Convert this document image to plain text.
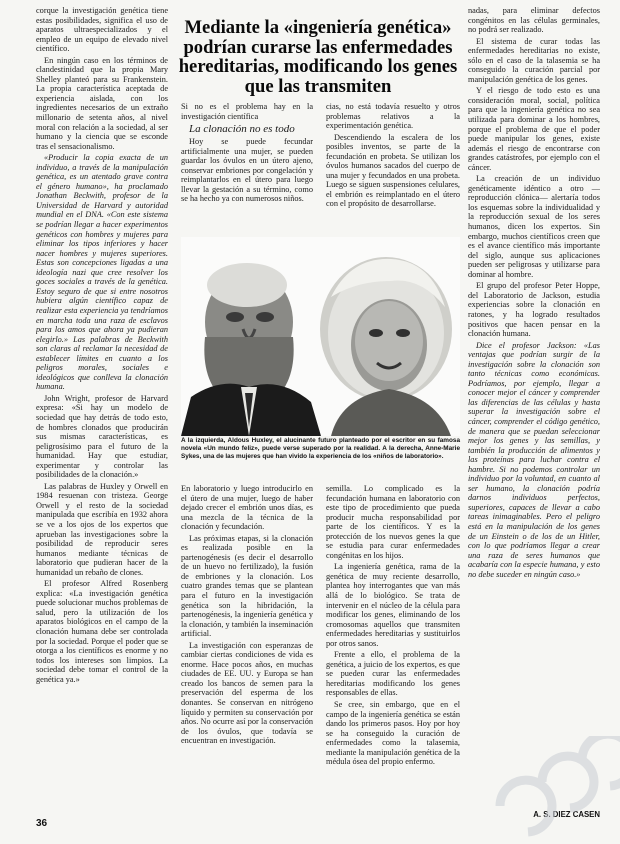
corque la investigación genética tiene estas posibilidades, significa el uso de aparatos ultraespecializados y el empleo de un equipo de elevado nivel científico.

En ningún caso en los términos de clandestinidad que la propia Mary Shelley planteó para su Frankenstein. La propia característica aceptada de experiencia aislada, con los ingredientes necesarios de un extraño millonario de setenta años, al nivel moral con relación a la sociedad, al ser humano y la ciencia que se esconde tras el sensacionalismo.

«Producir la copia exacta de un individuo, a través de la manipulación genética, es un atentado grave contra el género humano», ha proclamado Jonathan Beckwith, profesor de la Universidad de Harvard y autoridad mundial en el DNA. «Con este sistema se podrían llegar a hacer experimentos genéticos con hombres y mujeres para eliminar los tipos inferiores y hacer nacer hombres y mujeres superiores. Estas son concepciones ligadas a una ideología nazi que cree resolver los goces sociales a través de la genética. Estoy seguro de que si entre nosotros hubiera algún científico capaz de realizar esta experiencia ya tendríamos en marcha toda una raza de esclavos para los amos que ahora ya pudieran elegirlo.» Las palabras de Beckwith son claras al reclamar la necesidad de establecer límites en cuanto a los peligros morales, sociales e ideológicos que conlleva la clonación humana.

John Wright, profesor de Harvard expresa: «Si hay un modelo de sociedad que hay detrás de todo esto, de hombres clonados que producirán sus mismas características, es peligrosísimo para el futuro de la humanidad. Hay que estudiar, experimentar y controlar las posibilidades de la clonación.»

Las palabras de Huxley y Orwell en 1984 resuenan con tristeza. George Orwell y el resto de la sociedad manipulada que escribía en 1932 ahora se ve a los ojos de los expertos que aprueban las investigaciones sobre la posibilidad de reproducir seres humanos mediante técnicas de laboratorio que pudieran hacer de la humanidad un rebaño de clones.

El profesor Alfred Rosenberg explica: «La investigación genética puede solucionar muchos problemas de salud, pero la utilización de los aparatos biológicos en el campo de la clonación humana debe ser controlada por la sociedad. Porque el poder que se otorga a los científicos es enorme y no todos los intereses son limpios. La sociedad debe tomar el control de la genética ya.»

Mediante la «ingeniería genética» podrían curarse las enfermedades hereditarias, modificando los genes que las transmiten

Si no es el problema hay en la investigación científica

La clonación no es todo

Hoy se puede fecundar artificialmente una mujer, se pueden guardar los óvulos en un útero ajeno, conservar embriones por congelación y reimplantarlos en el útero para luego llevar la gestación a su término, como se ha hecho ya con numerosos niños.

cias, no está todavía resuelto y otros problemas relativos a la experimentación genética.

Descendiendo la escalera de los posibles inventos, se parte de la fecundación en probeta. Se utilizan los óvulos humanos sacados del cuerpo de una mujer y fecundados en una probeta. Luego se siguen suspensiones celulares, el embrión es reimplantado en el útero con el propósito de desarrollarse.

A la izquierda, Aldous Huxley, el alucinante futuro planteado por el escritor en su famosa novela «Un mundo feliz», puede verse superado por la realidad. A la derecha, Anne-Marie Sykes, una de las mujeres que han vivido la experiencia de los «niños de laboratorio».

En laboratorio y luego introducirlo en el útero de una mujer, luego de haber dejado crecer el embrión unos días, es una mezcla de la técnica de la clonación y fecundación.

Las próximas etapas, si la clonación es realizada posible en la partenogénesis (es decir el desarrollo de un huevo no fertilizado), la fusión de embriones y la clonación. Los cuatro grandes temas que se plantean para el futuro en la investigación genética son la hibridación, la partenogénesis, la ingeniería genética y la clonación, y también la inseminación artificial.

La investigación con esperanzas de cambiar ciertas condiciones de vida es enorme. Hace pocos años, en muchas ciudades de EE. UU. y Europa se han creado los bancos de semen para la preservación del esperma de los donantes. Se conservan en nitrógeno líquido y permiten su conservación por años. No ocurre así por la conservación de los óvulos, que todavía se encuentran en investigación.

semilla. Lo complicado es la fecundación humana en laboratorio con este tipo de procedimiento que pueda producir mucha responsabilidad por parte de los científicos. Y es la protección de los nuevos genes la que se estudia para curar enfermedades congénitas en los hijos.

La ingeniería genética, rama de la genética de muy reciente desarrollo, plantea hoy interrogantes que van más allá de lo biológico. Se trata de intervenir en el núcleo de la célula para modificar los genes, eliminando de los cromosomas aquellos que transmiten enfermedades hereditarias y sustituirlos por otros sanos.

Frente a ello, el problema de la genética, a juicio de los expertos, es que se pueden curar las enfermedades hereditarias modificando los genes responsables de ellas.

Se cree, sin embargo, que en el campo de la ingeniería genética se están dando los primeros pasos. Hoy por hoy se ha conseguido la curación de enfermedades como la talasemia, mediante la manipulación genética de la médula ósea del propio enfermo.

nadas, para eliminar defectos congénitos en las células germinales, no podrá ser realizado.

El sistema de curar todas las enfermedades hereditarias no existe, sólo en el caso de la talasemia se ha conseguido la curación parcial por manipulación genética de los genes.

Y el riesgo de todo esto es una consideración moral, social, política para que la ingeniería genética no sea utilizada para dominar a los hombres, porque el problema de que el poder puede manipular los genes, existe además el riesgo de encontrarse con grandes catástrofes, por ejemplo con el cáncer.

La creación de un individuo genéticamente idéntico a otro —reproducción clónica— alertaría todos los esquemas sobre la individualidad y la reproducción sexual de los seres humanos, dicen los expertos. Sin embargo, muchos científicos creen que es el avance científico más importante del siglo, aunque sus aplicaciones pueden ser peligrosas y utilizarse para dominar al hombre.

El grupo del profesor Peter Hoppe, del Laboratorio de Jackson, estudia experiencias sobre la clonación en ratones, y ha logrado resultados positivos que hacen pensar en la clonación humana.

Dice el profesor Jackson: «Las ventajas que podrían surgir de la investigación sobre la clonación son tanto técnicas como económicas. Podríamos, por ejemplo, llegar a conocer mejor el cáncer y comprender las diferencias de las células y hasta superar la investigación sobre el cáncer, comprender el código genético, de manera que se puedan seleccionar mejor los genes y las semillas, y también la producción de alimentos y las proteínas para luchar contra el hambre. Si no podemos controlar un individuo por la voluntad, en cuanto al ser humano, la clonación podría darnos individuos perfectos, superiores, capaces de llevar a cabo tareas inimaginables. Pero el peligro está en la manipulación de los genes de un Einstein o de los de un Hitler, con lo que podríamos llegar a crear una raza de seres humanos que acabaría con la especie humana, y esto no debe suceder en ningún caso.»

A. S. DIEZ CASEN

36
